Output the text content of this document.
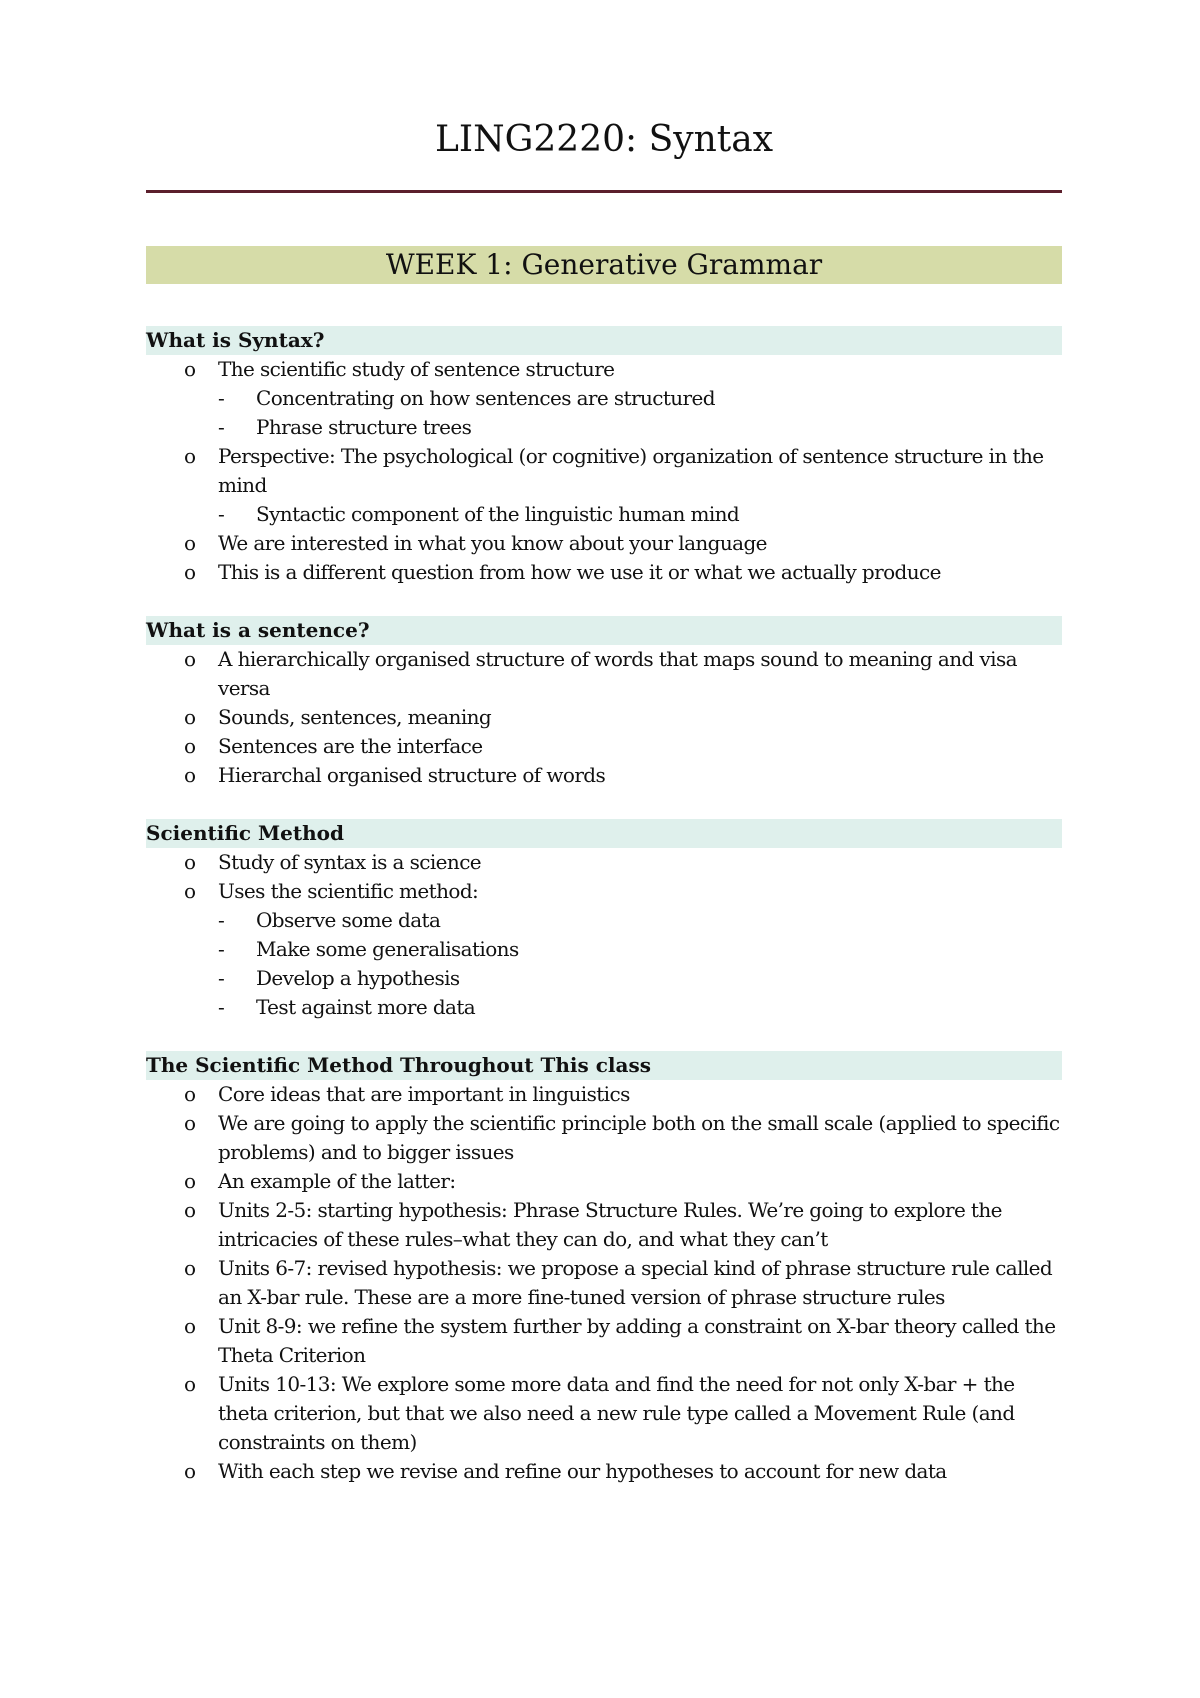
LING2220: Syntax
WEEK 1: Generative Grammar
What is Syntax?
o The scientific study of sentence structure
- Concentrating on how sentences are structured
- Phrase structure trees
o Perspective: The psychological (or cognitive) organization of sentence structure in the mind
- Syntactic component of the linguistic human mind
o We are interested in what you know about your language
o This is a different question from how we use it or what we actually produce
What is a sentence?
o A hierarchically organised structure of words that maps sound to meaning and visa versa
o Sounds, sentences, meaning
o Sentences are the interface
o Hierarchal organised structure of words
Scientific Method
o Study of syntax is a science
o Uses the scientific method:
- Observe some data
- Make some generalisations
- Develop a hypothesis
- Test against more data
The Scientific Method Throughout This class
o Core ideas that are important in linguistics
o We are going to apply the scientific principle both on the small scale (applied to specific problems) and to bigger issues
o An example of the latter:
o Units 2-5: starting hypothesis: Phrase Structure Rules. We’re going to explore the intricacies of these rules–what they can do, and what they can’t
o Units 6-7: revised hypothesis: we propose a special kind of phrase structure rule called an X-bar rule. These are a more fine-tuned version of phrase structure rules
o Unit 8-9: we refine the system further by adding a constraint on X-bar theory called the Theta Criterion
o Units 10-13: We explore some more data and find the need for not only X-bar + the theta criterion, but that we also need a new rule type called a Movement Rule (and constraints on them)
o With each step we revise and refine our hypotheses to account for new data
